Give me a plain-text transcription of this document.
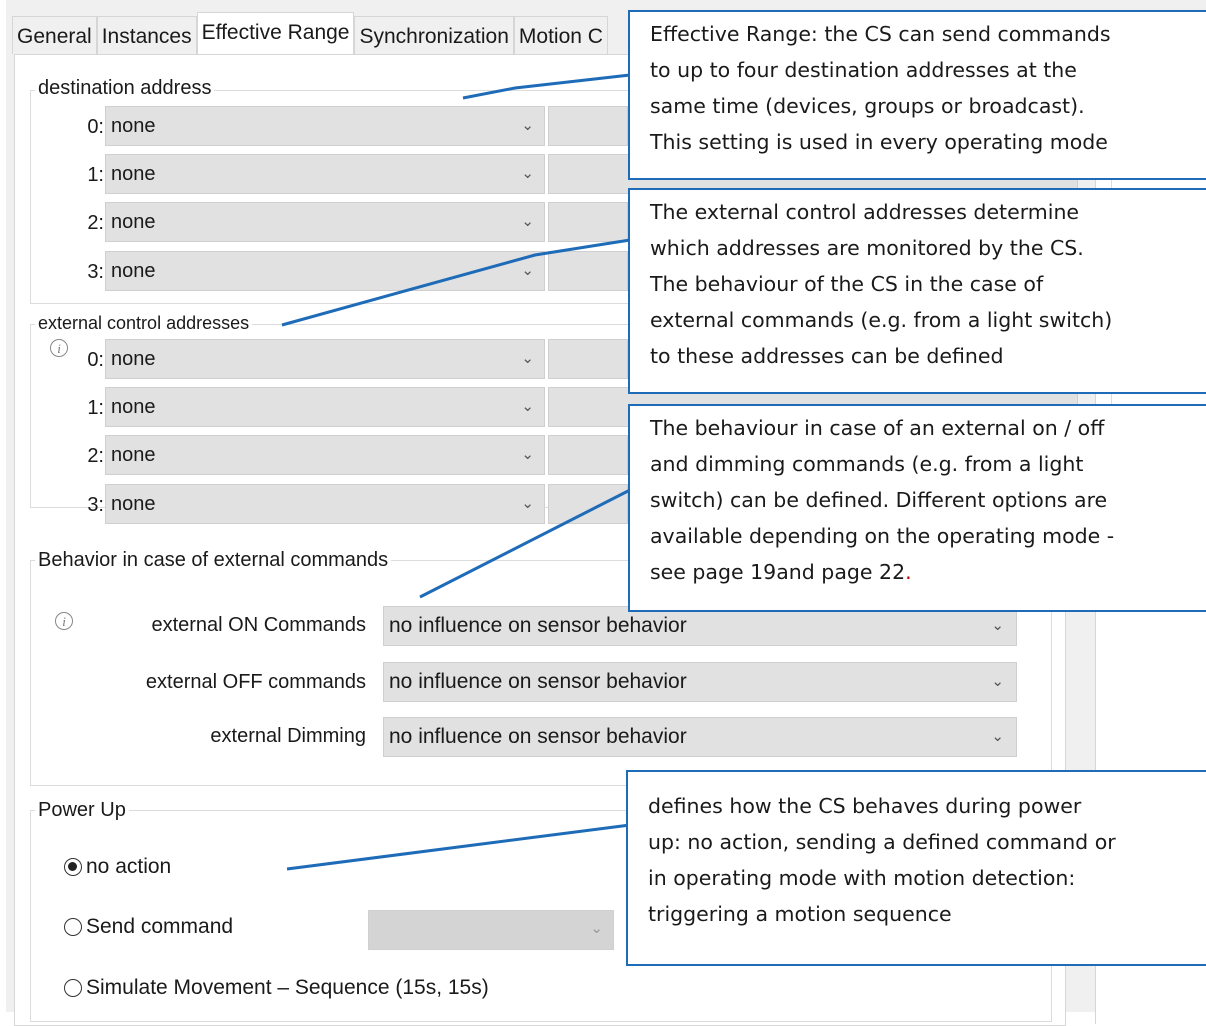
General Instances Effective Range Synchronization Motion C
destination address
0: none	⌄
1: none	⌄
2: none	⌄
3: none	⌄
external control addresses
i
0: none	⌄
1: none	⌄
2: none	⌄
3: none	⌄
Behavior in case of external commands
i	external ON Commands no influence on sensor behavior	⌄
external OFF commands no influence on sensor behavior	⌄
external Dimming no influence on sensor behavior	⌄
Power Up
no action
Send command	⌄
Simulate Movement – Sequence (15s, 15s)
Effective Range: the CS can send commands
to up to four destination addresses at the
same time (devices, groups or broadcast).
This setting is used in every operating mode
The external control addresses determine
which addresses are monitored by the CS.
The behaviour of the CS in the case of
external commands (e.g. from a light switch)
to these addresses can be defined
The behaviour in case of an external on / off
and dimming commands (e.g. from a light
switch) can be defined. Different options are
available depending on the operating mode -
see page 19and page 22.
defines how the CS behaves during power
up: no action, sending a defined command or
in operating mode with motion detection:
triggering a motion sequence
